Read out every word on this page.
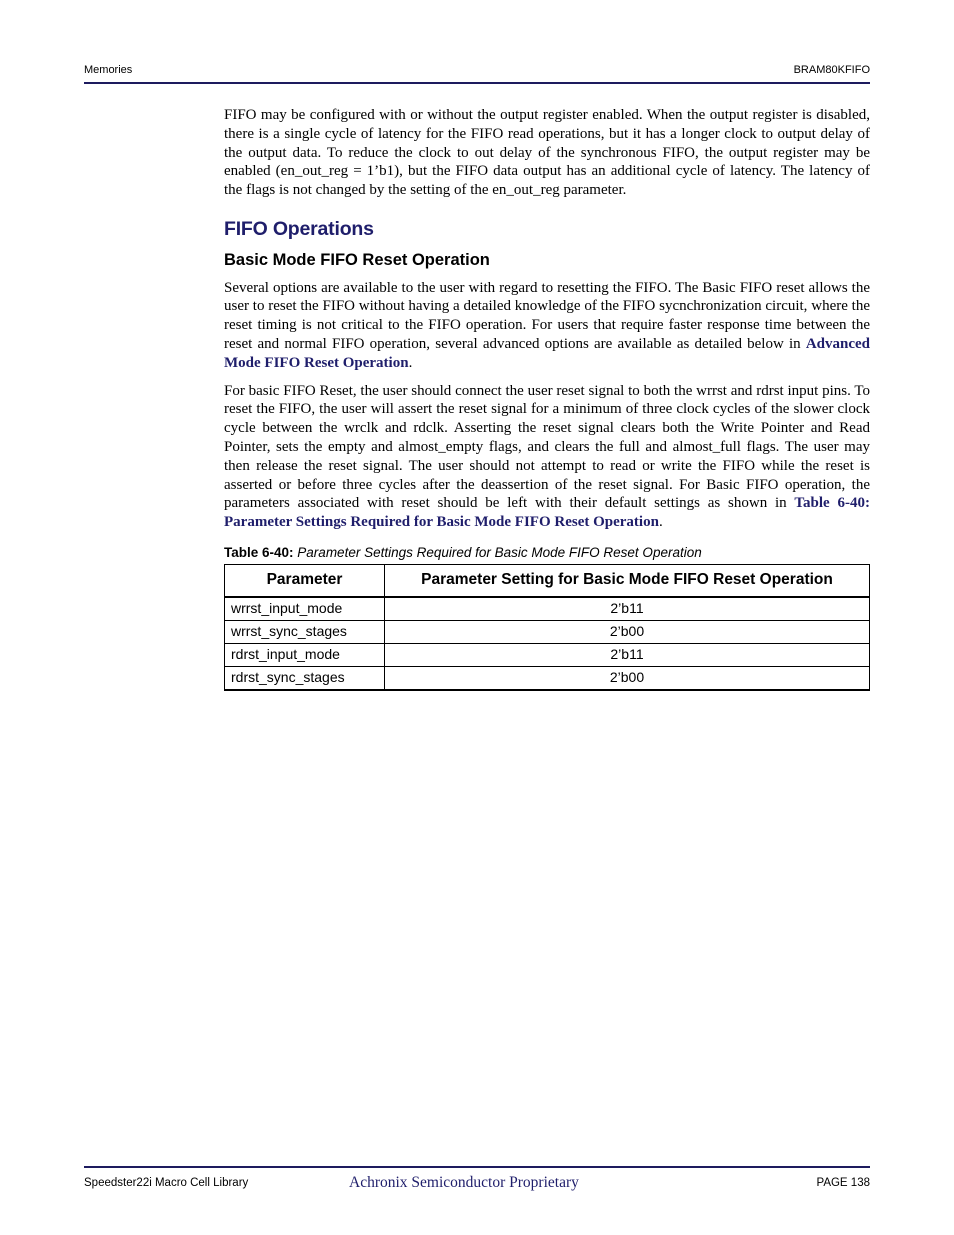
Memories	BRAM80KFIFO

FIFO may be configured with or without the output register enabled. When the output register is disabled, there is a single cycle of latency for the FIFO read operations, but it has a longer clock to output delay of the output data. To reduce the clock to out delay of the synchronous FIFO, the output register may be enabled (en_out_reg = 1’b1), but the FIFO data output has an additional cycle of latency. The latency of the flags is not changed by the setting of the en_out_reg parameter.

FIFO Operations
Basic Mode FIFO Reset Operation

Several options are available to the user with regard to resetting the FIFO. The Basic FIFO reset allows the user to reset the FIFO without having a detailed knowledge of the FIFO sycnchronization circuit, where the reset timing is not critical to the FIFO operation. For users that require faster response time between the reset and normal FIFO operation, several advanced options are available as detailed below in Advanced Mode FIFO Reset Operation.

For basic FIFO Reset, the user should connect the user reset signal to both the wrrst and rdrst input pins. To reset the FIFO, the user will assert the reset signal for a minimum of three clock cycles of the slower clock cycle between the wrclk and rdclk. Asserting the reset signal clears both the Write Pointer and Read Pointer, sets the empty and almost_empty flags, and clears the full and almost_full flags. The user may then release the reset signal. The user should not attempt to read or write the FIFO while the reset is asserted or before three cycles after the deassertion of the reset signal. For Basic FIFO operation, the parameters associated with reset should be left with their default settings as shown in Table 6-40: Parameter Settings Required for Basic Mode FIFO Reset Operation.

Table 6-40: Parameter Settings Required for Basic Mode FIFO Reset Operation
Parameter	Parameter Setting for Basic Mode FIFO Reset Operation
wrrst_input_mode	2’b11
wrrst_sync_stages	2’b00
rdrst_input_mode	2’b11
rdrst_sync_stages	2’b00
Speedster22i Macro Cell Library	Achronix Semiconductor Proprietary	PAGE 138
